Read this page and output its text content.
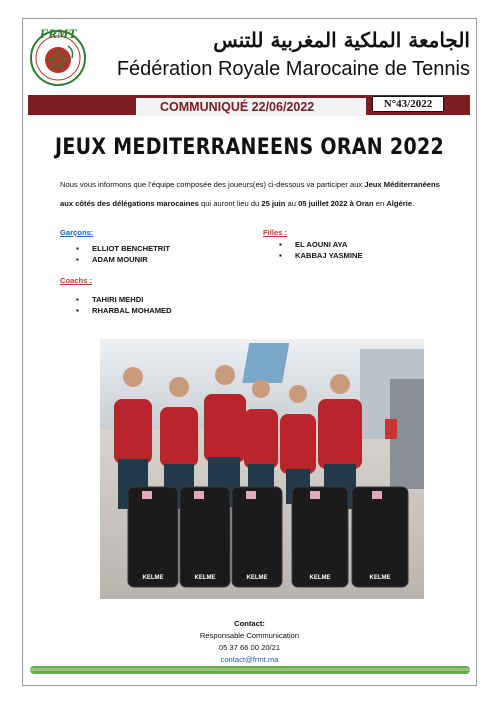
FRMT	الجامعة الملكية المغربية للتنس
Fédération Royale Marocaine de Tennis
COMMUNIQUÉ 22/06/2022	N°43/2022
JEUX MEDITERRANEENS ORAN 2022
Nous vous informons que l’équipe composée des joueurs(es) ci-dessous va participer aux Jeux Méditerranéens aux côtés des délégations marocaines qui auront lieu du 25 juin au 05 juillet 2022 à Oran en Algérie.
Garçons:
▪ ELLIOT BENCHETRIT
▪ ADAM MOUNIR
Filles :
▪ EL AOUNI AYA
▪ KABBAJ YASMINE
Coachs :
▪ TAHIRI MEHDI
▪ RHARBAL MOHAMED
KELME	KELME	KELME	KELME	KELME
Contact:
Responsable Communication
05 37 66 00 20/21
contact@frmt.ma
